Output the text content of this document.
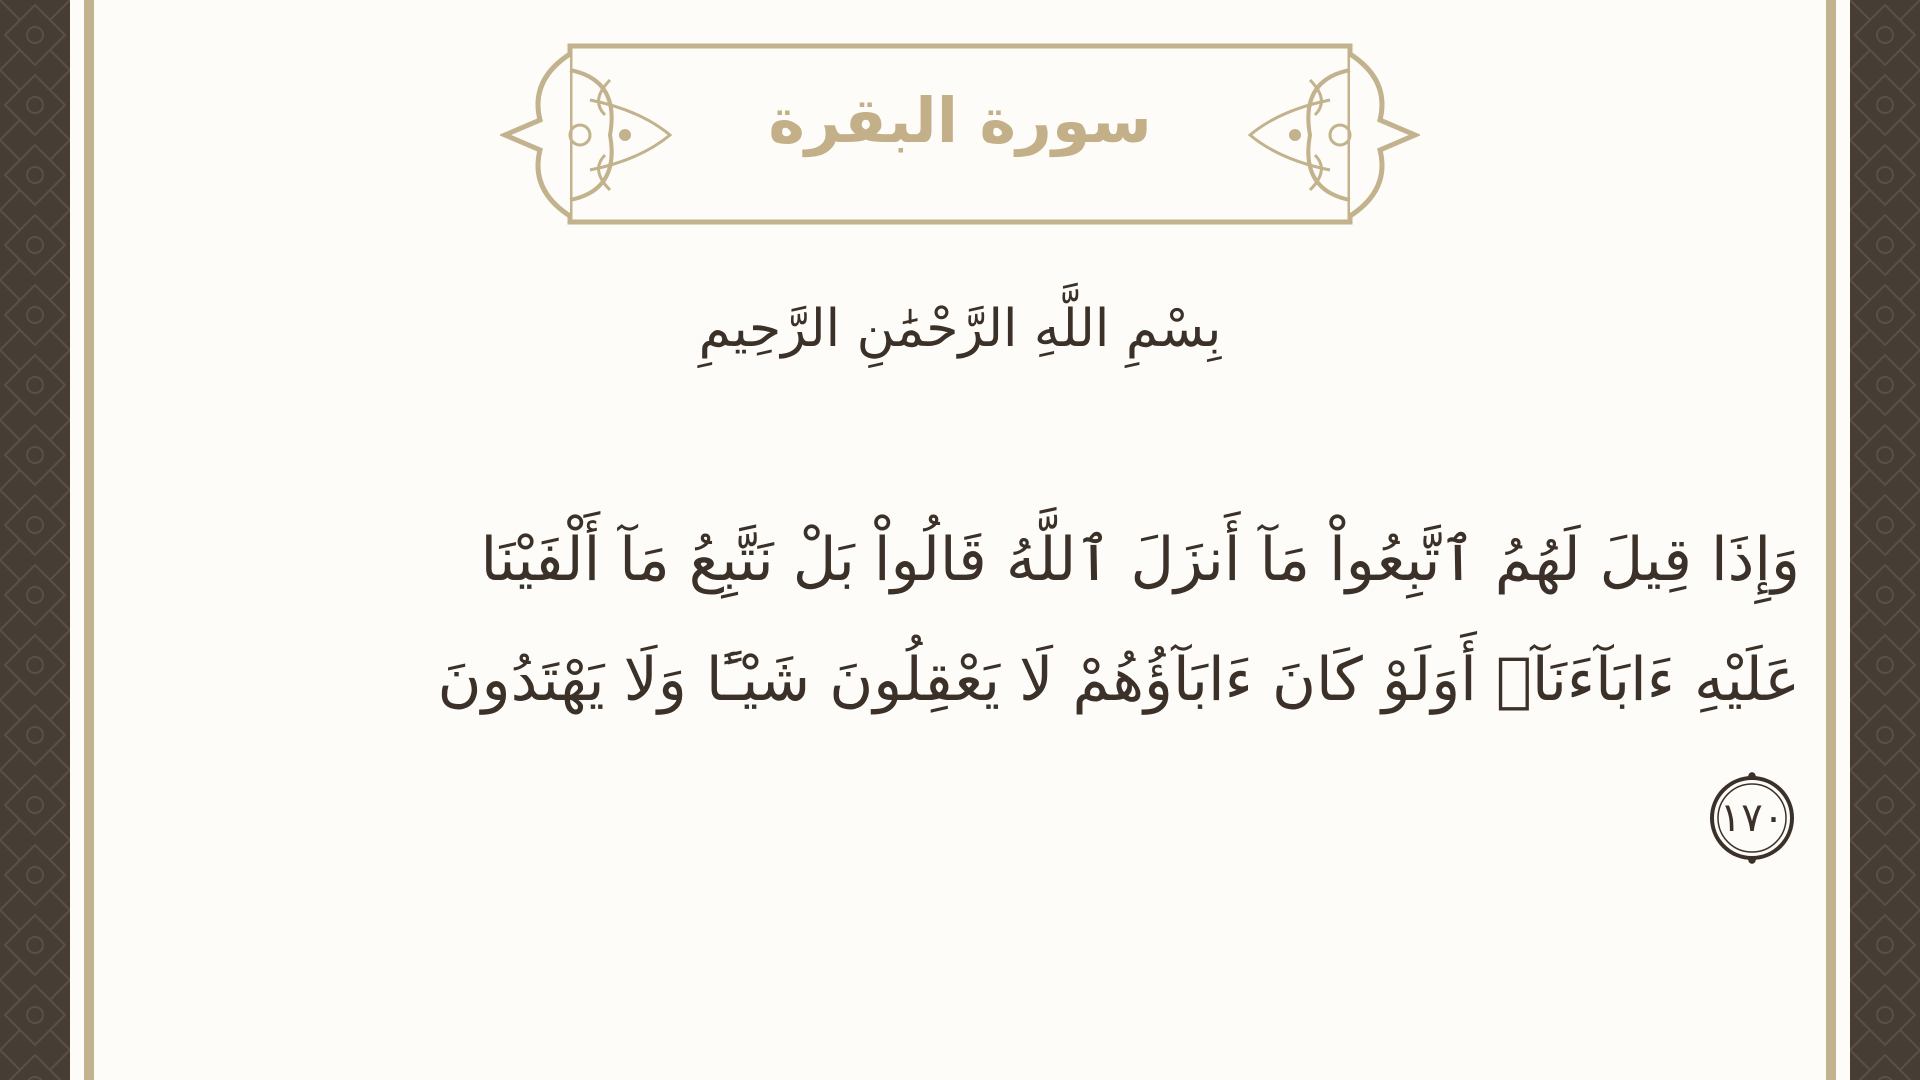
سورة البقرة
بِسْمِ اللَّهِ الرَّحْمَٰنِ الرَّحِيمِ
وَإِذَا قِيلَ لَهُمُ ٱتَّبِعُواْ مَآ أَنزَلَ ٱللَّهُ قَالُواْ بَلْ نَتَّبِعُ مَآ أَلْفَيْنَا
عَلَيْهِ ءَابَآءَنَآۗ أَوَلَوْ كَانَ ءَابَآؤُهُمْ لَا يَعْقِلُونَ شَيْـًٔا وَلَا يَهْتَدُونَ
١٧٠
